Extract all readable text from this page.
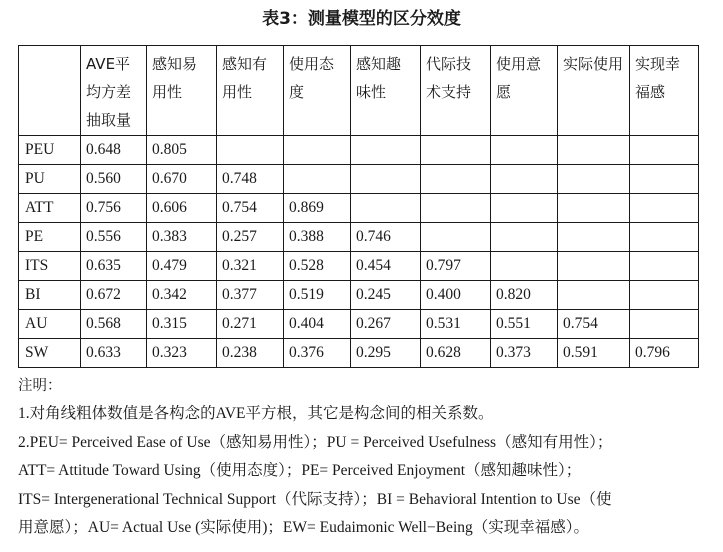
表3：测量模型的区分效度
	AVE平均方差抽取量	感知易用性	感知有用性	使用态度	感知趣味性	代际技术支持	使用意愿	实际使用	实现幸福感
PEU	0.648	0.805							
PU	0.560	0.670	0.748						
ATT	0.756	0.606	0.754	0.869					
PE	0.556	0.383	0.257	0.388	0.746				
ITS	0.635	0.479	0.321	0.528	0.454	0.797			
BI	0.672	0.342	0.377	0.519	0.245	0.400	0.820		
AU	0.568	0.315	0.271	0.404	0.267	0.531	0.551	0.754	
SW	0.633	0.323	0.238	0.376	0.295	0.628	0.373	0.591	0.796

注明：

1.对角线粗体数值是各构念的AVE平方根，其它是构念间的相关系数。

2.PEU= Perceived Ease of Use（感知易用性）；PU = Perceived Usefulness（感知有用性）；

ATT= Attitude Toward Using（使用态度）；PE= Perceived Enjoyment（感知趣味性）；

ITS= Intergenerational Technical Support（代际支持）；BI = Behavioral Intention to Use（使

用意愿）；AU= Actual Use (实际使用)；EW= Eudaimonic Well−Being（实现幸福感）。
